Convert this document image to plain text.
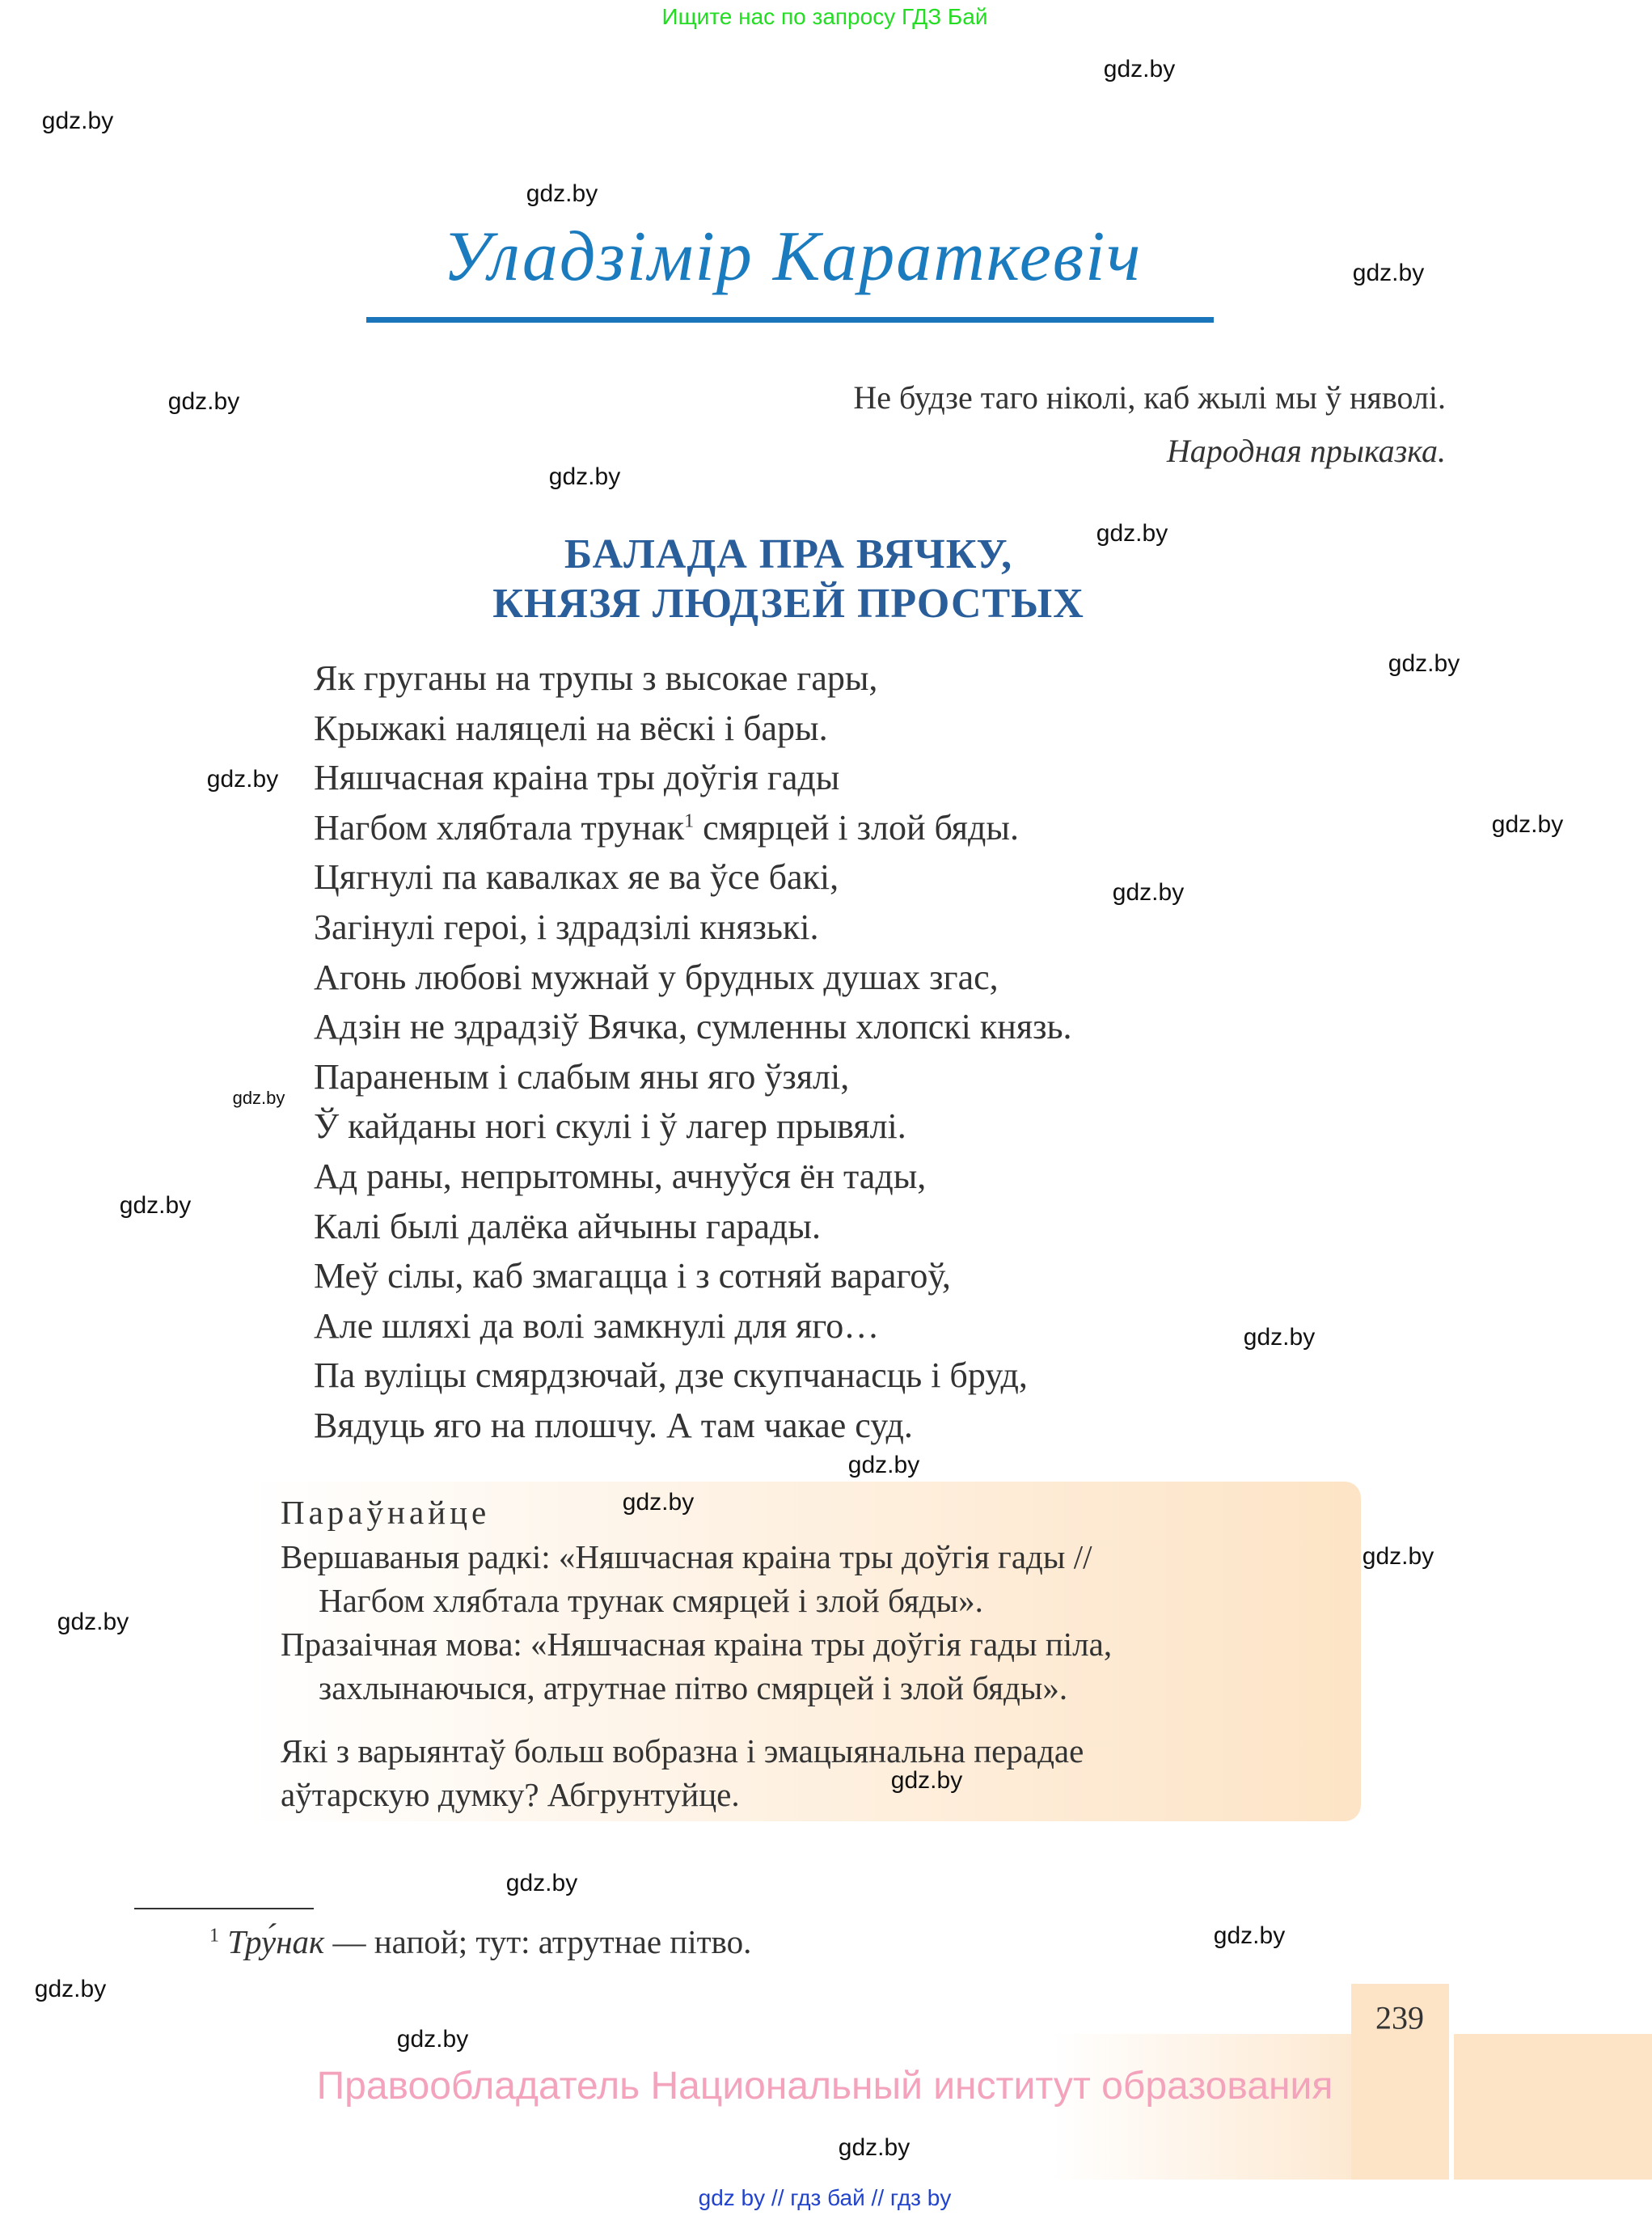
Ищите нас по запросу ГДЗ Бай
Уладзімір Караткевіч
Не будзе таго ніколі, каб жылі мы ў няволі.
Народная прыказка.
БАЛАДА ПРА ВЯЧКУ,
КНЯЗЯ ЛЮДЗЕЙ ПРОСТЫХ
Як груганы на трупы з высокае гары,
Крыжакі наляцелі на вёскі і бары.
Няшчасная краіна тры доўгія гады
Нагбом хлябтала трунак$^1$ смярцей і злой бяды.
Цягнулі па кавалках яе ва ўсе бакі,
Загінулі героі, і здрадзілі князькі.
Агонь любові мужнай у брудных душах згас,
Адзін не здрадзіў Вячка, сумленны хлопскі князь.
Параненым і слабым яны яго ўзялі,
Ў кайданы ногі скулі і ў лагер прывялі.
Ад раны, непрытомны, ачнуўся ён тады,
Калі былі далёка айчыны гарады.
Меў сілы, каб змагацца і з сотняй варагоў,
Але шляхі да волі замкнулі для яго…
Па вуліцы смярдзючай, дзе скупчанасць і бруд,
Вядуць яго на плошчу. А там чакае суд.
Параўнайце
Вершаваныя радкі: «Няшчасная краіна тры доўгія гады //
Нагбом хлябтала трунак смярцей і злой бяды».
Празаічная мова: «Няшчасная краіна тры доўгія гады піла,
захлынаючыся, атрутнае пітво смярцей і злой бяды».
Які з варыянтаў больш вобразна і эмацыянальна перадае
аўтарскую думку? Абгрунтуйце.
$^1$ Тру́нак — напой; тут: атрутнае пітво.
239
Правообладатель Национальный институт образования
gdz by // гдз бай // гдз by
gdz.by
gdz.by
gdz.by
gdz.by
gdz.by
gdz.by
gdz.by
gdz.by
gdz.by
gdz.by
gdz.by
gdz.by
gdz.by
gdz.by
gdz.by
gdz.by
gdz.by
gdz.by
gdz.by
gdz.by
gdz.by
gdz.by
gdz.by
gdz.by
